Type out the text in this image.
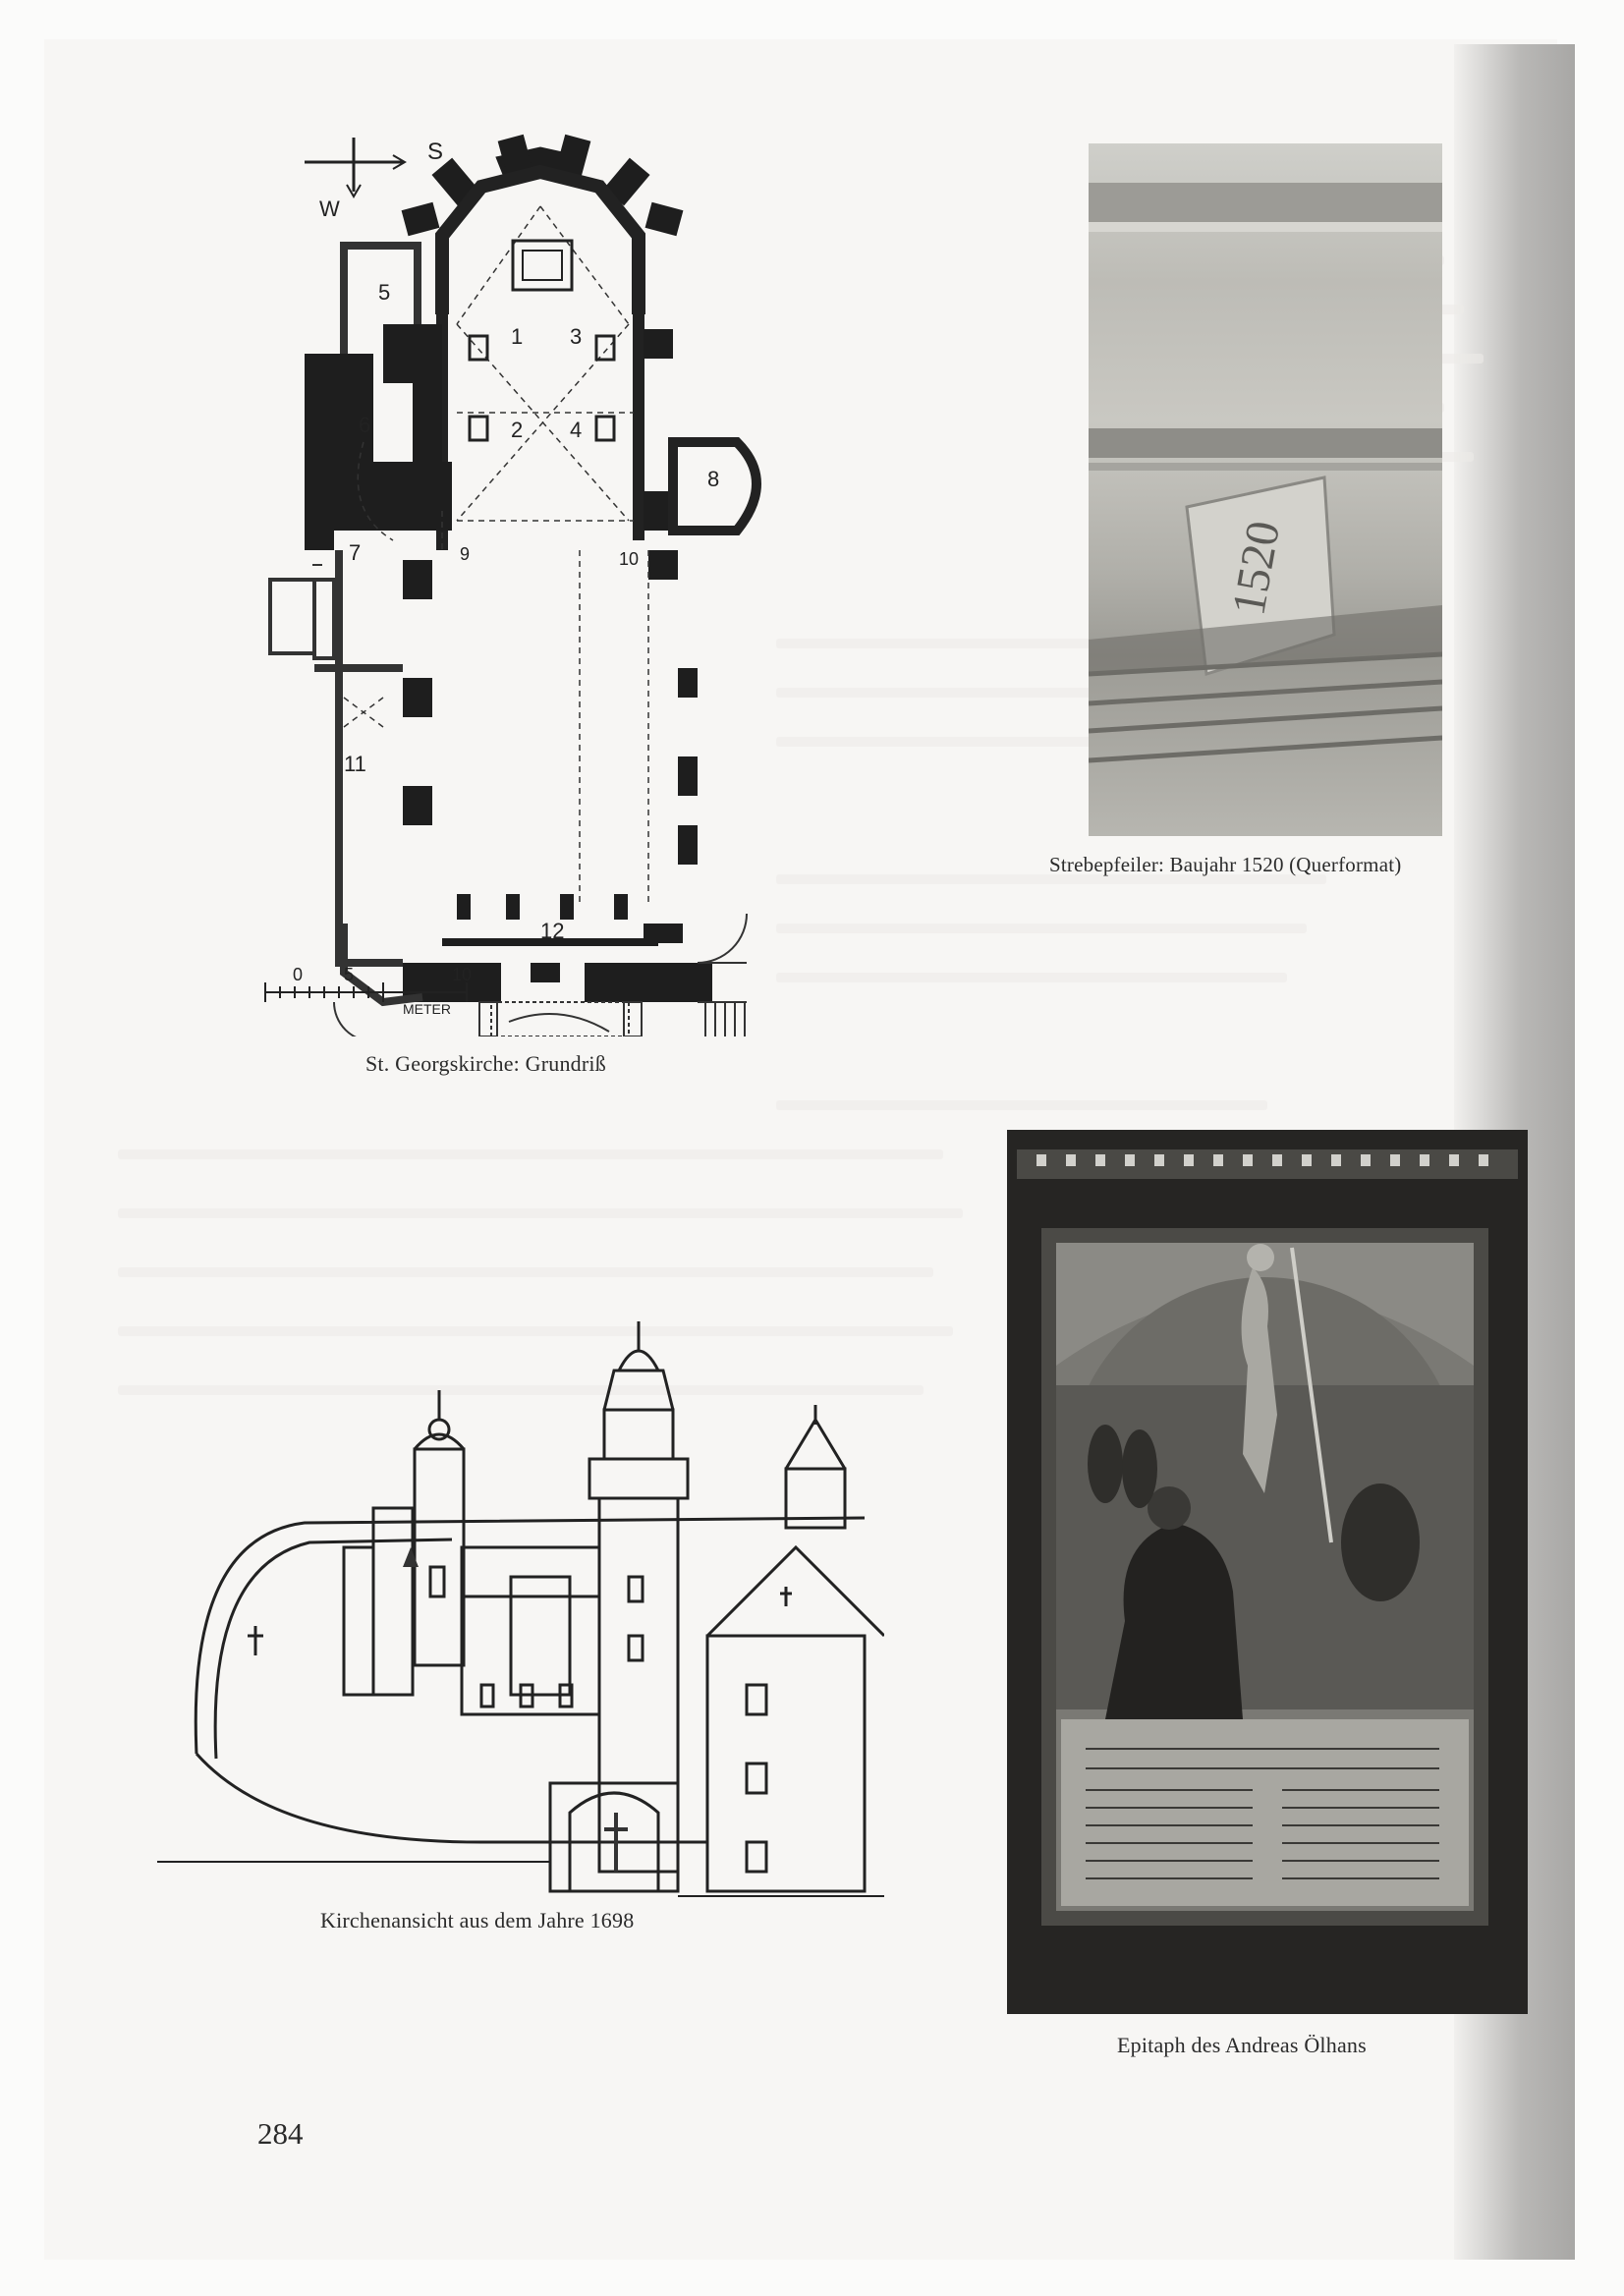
5
1 3
2 4
6
8
7	9	10
11
12
0 5	10
METER
S
W
St. Georgskirche: Grundriß
1520
Strebepfeiler: Baujahr 1520 (Querformat)
Kirchenansicht aus dem Jahre 1698
Epitaph des Andreas Ölhans
284
